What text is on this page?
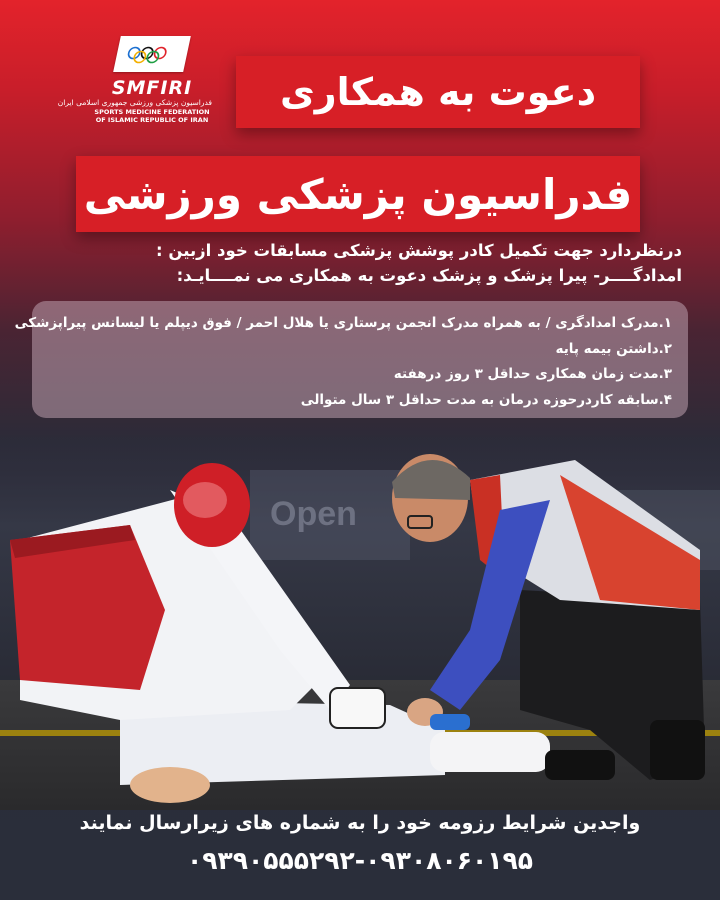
SMFIRI
فدراسیون پزشکی ورزشی جمهوری اسلامی ایران
SPORTS MEDICINE FEDERATION
OF ISLAMIC REPUBLIC OF IRAN
دعوت به همکاری
فدراسیون پزشکی ورزشی
درنظردارد جهت تکمیل کادر پوشش پزشکی مسابقات خود ازبین :
امدادگــــر- پیرا پزشک و پزشک دعوت به همکاری می نمــــایـد:
۱.مدرک امدادگری / به همراه مدرک انجمن پرستاری یا هلال احمر / فوق دیپلم یا لیسانس پیراپزشکی
۲.داشتن بیمه پایه
۳.مدت زمان همکاری حداقل ۳ روز درهفته
۴.سابقه کاردرحوزه درمان به مدت حداقل ۳ سال متوالی
Open
واجدین شرایط رزومه خود را به شماره های زیرارسال نمایند
۰۹۳۹۰۵۵۵۲۹۲-۰۹۳۰۸۰۶۰۱۹۵
